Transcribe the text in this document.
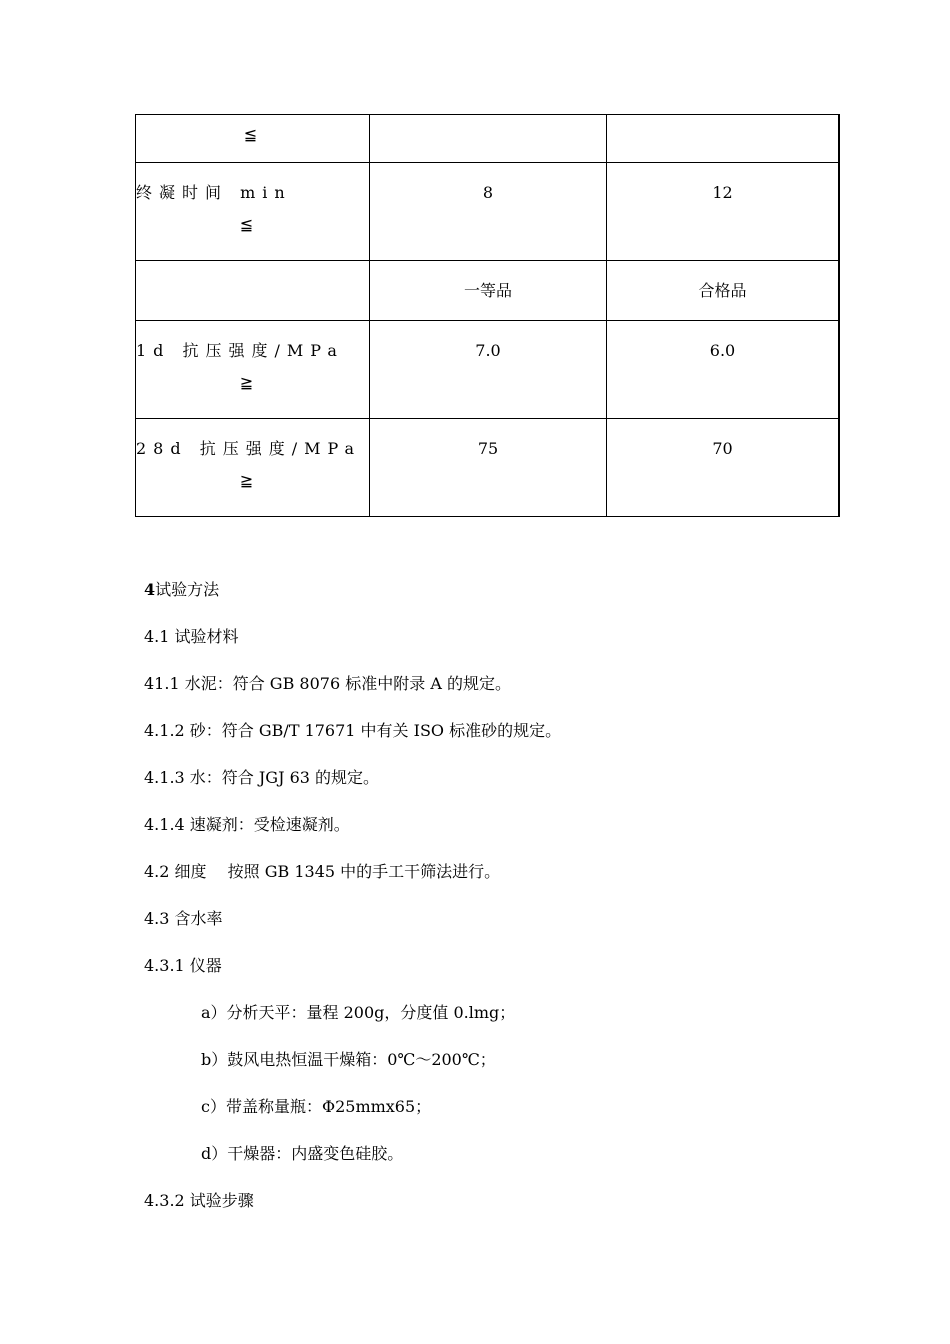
≦		

终凝时间 min
≦	8	12

	一等品	合格品

1d 抗压强度/MPa
≧	7.0	6.0

28d 抗压强度/MPa
≧	75	70
4试验方法
4.1 试验材料
41.1 水泥：符合 GB 8076 标准中附录 A 的规定。
4.1.2 砂：符合 GB/T 17671 中有关 ISO 标准砂的规定。
4.1.3 水：符合 JGJ 63 的规定。
4.1.4 速凝剂：受检速凝剂。
4.2 细度　 按照 GB 1345 中的手工干筛法进行。
4.3 含水率
4.3.1 仪器
a）分析天平：量程 200g，分度值 0.lmg；
b）鼓风电热恒温干燥箱：0℃～200℃；
c）带盖称量瓶：Φ25mmx65；
d）干燥器：内盛变色硅胶。
4.3.2 试验步骤
